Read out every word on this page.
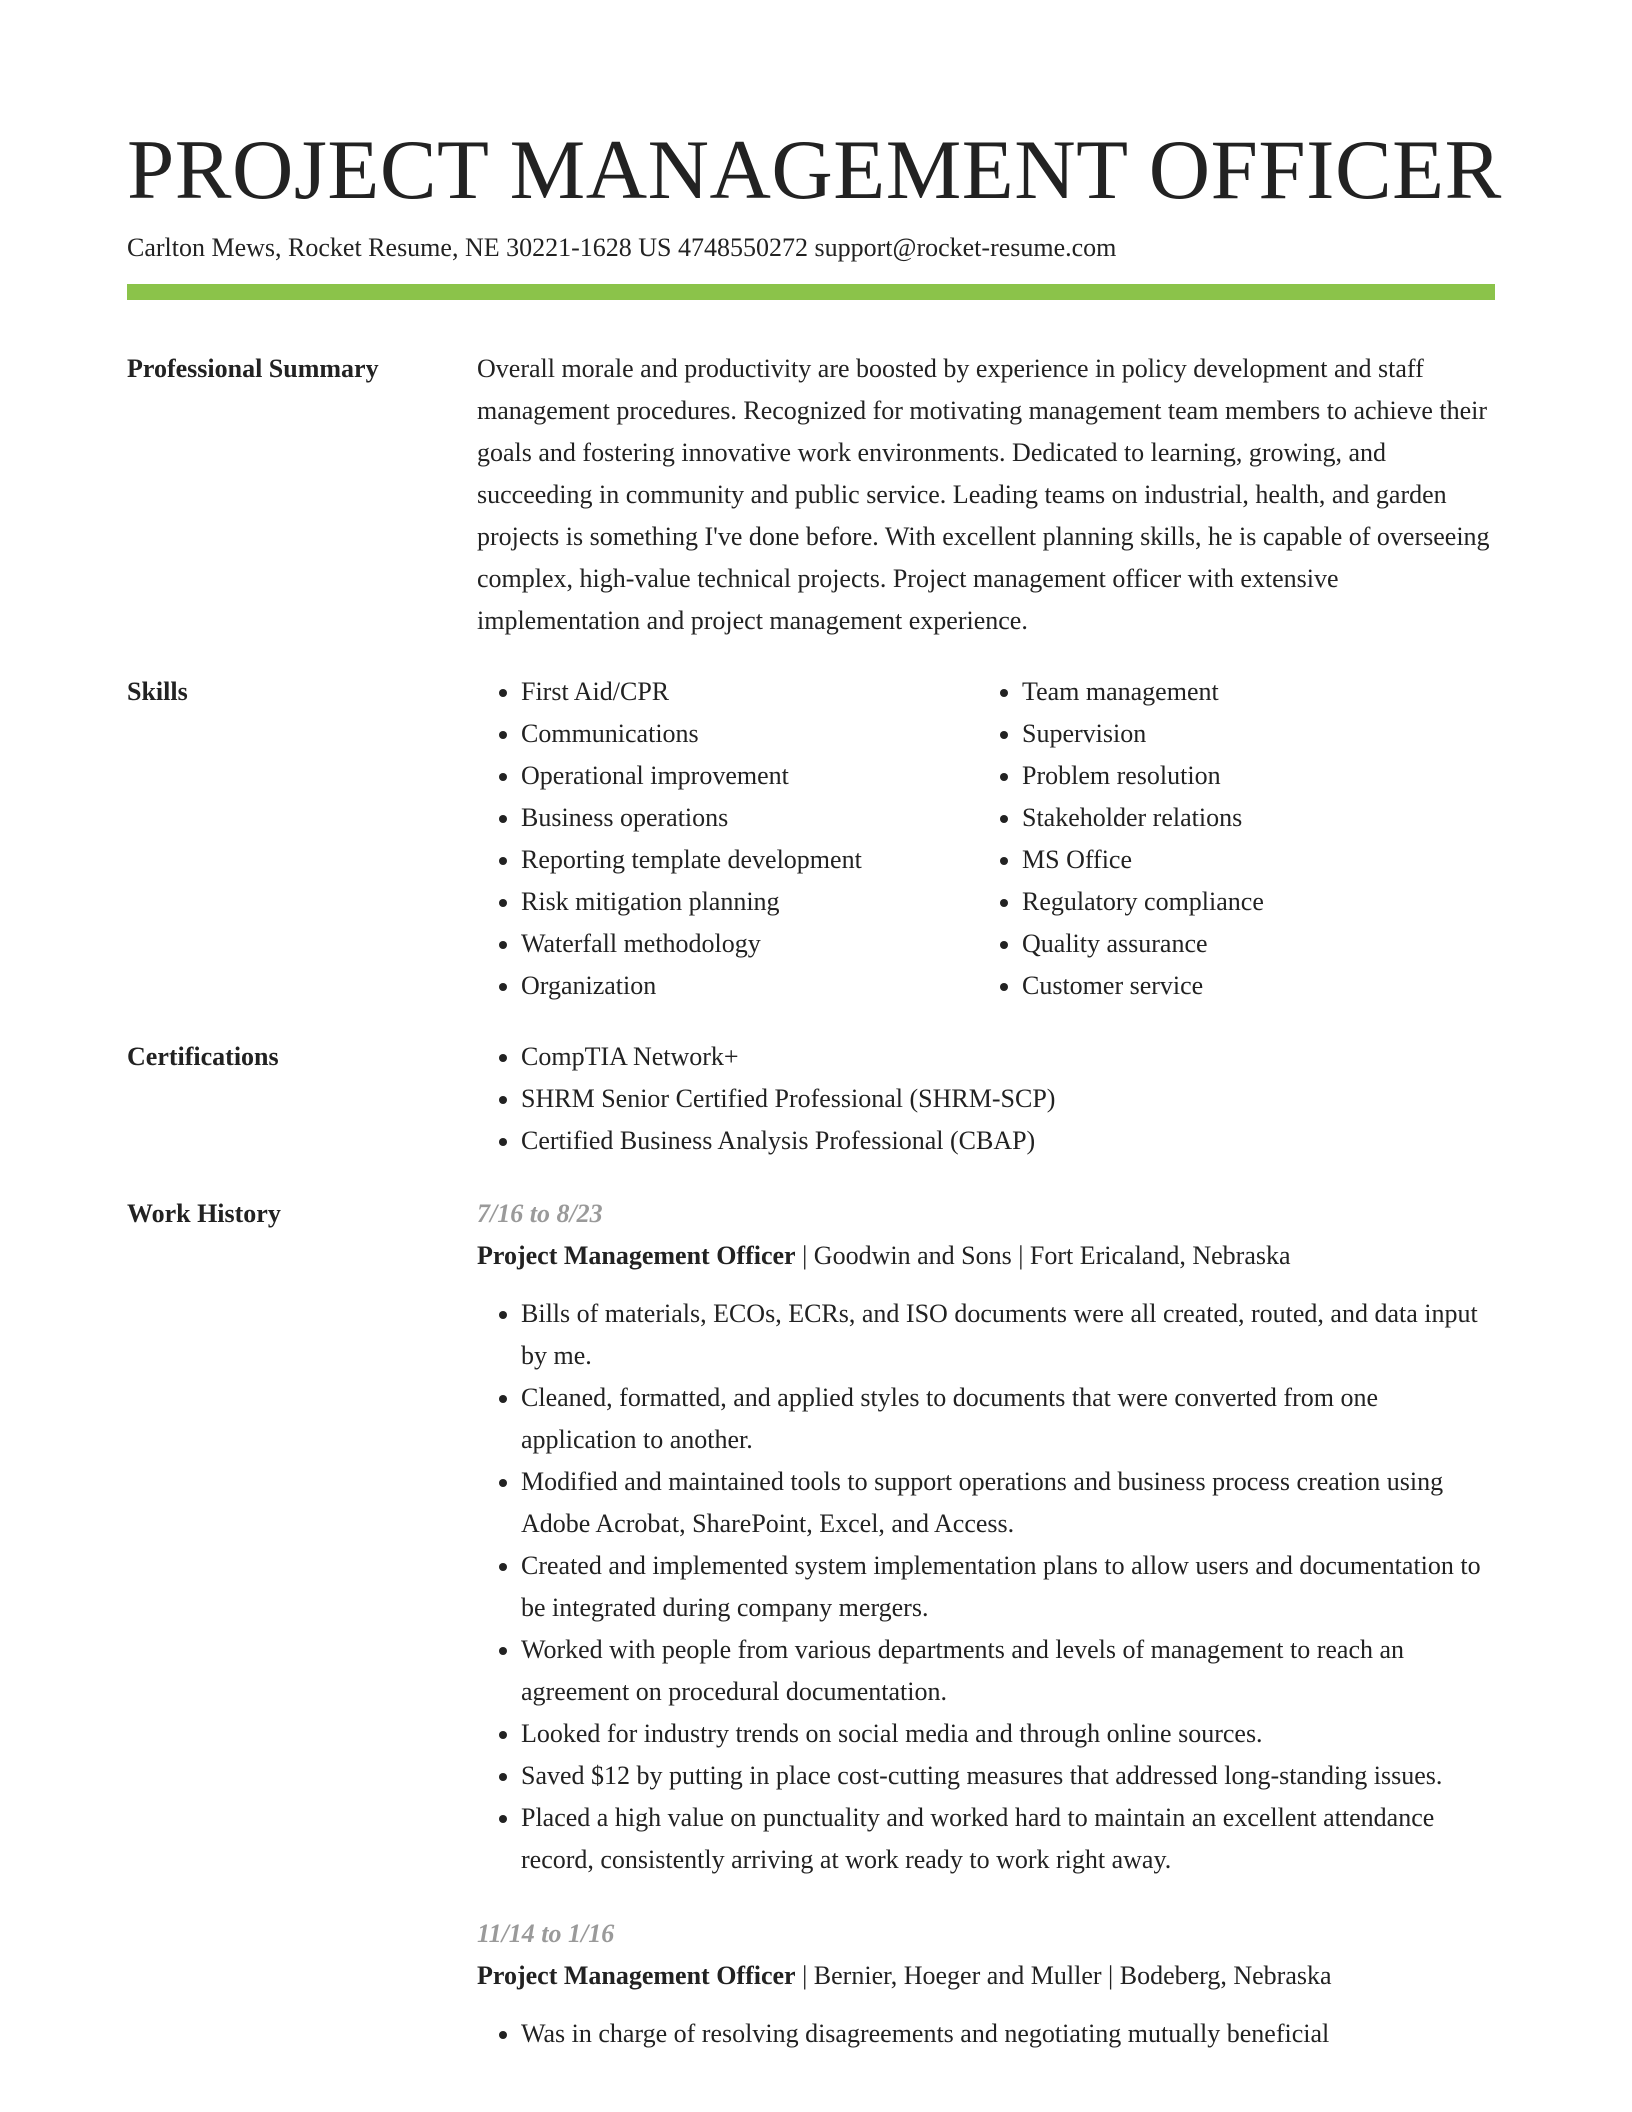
PROJECT MANAGEMENT OFFICER
Carlton Mews, Rocket Resume, NE 30221-1628 US 4748550272 support@rocket-resume.com
Professional Summary	Overall morale and productivity are boosted by experience in policy development and staff management procedures. Recognized for motivating management team members to achieve their goals and fostering innovative work environments. Dedicated to learning, growing, and succeeding in community and public service. Leading teams on industrial, health, and garden projects is something I've done before. With excellent planning skills, he is capable of overseeing complex, high-value technical projects. Project management officer with extensive implementation and project management experience.

Skills	• First Aid/CPR
• Communications
• Operational improvement
• Business operations
• Reporting template development
• Risk mitigation planning
• Waterfall methodology
• Organization
• Team management
• Supervision
• Problem resolution
• Stakeholder relations
• MS Office
• Regulatory compliance
• Quality assurance
• Customer service
Certifications	• CompTIA Network+
• SHRM Senior Certified Professional (SHRM-SCP)
• Certified Business Analysis Professional (CBAP)
Work History	7/16 to 8/23
Project Management Officer | Goodwin and Sons | Fort Ericaland, Nebraska
• Bills of materials, ECOs, ECRs, and ISO documents were all created, routed, and data input by me.
• Cleaned, formatted, and applied styles to documents that were converted from one application to another.
• Modified and maintained tools to support operations and business process creation using Adobe Acrobat, SharePoint, Excel, and Access.
• Created and implemented system implementation plans to allow users and documentation to be integrated during company mergers.
• Worked with people from various departments and levels of management to reach an agreement on procedural documentation.
• Looked for industry trends on social media and through online sources.
• Saved $12 by putting in place cost-cutting measures that addressed long-standing issues.
• Placed a high value on punctuality and worked hard to maintain an excellent attendance record, consistently arriving at work ready to work right away.
11/14 to 1/16
Project Management Officer | Bernier, Hoeger and Muller | Bodeberg, Nebraska
• Was in charge of resolving disagreements and negotiating mutually beneficial
